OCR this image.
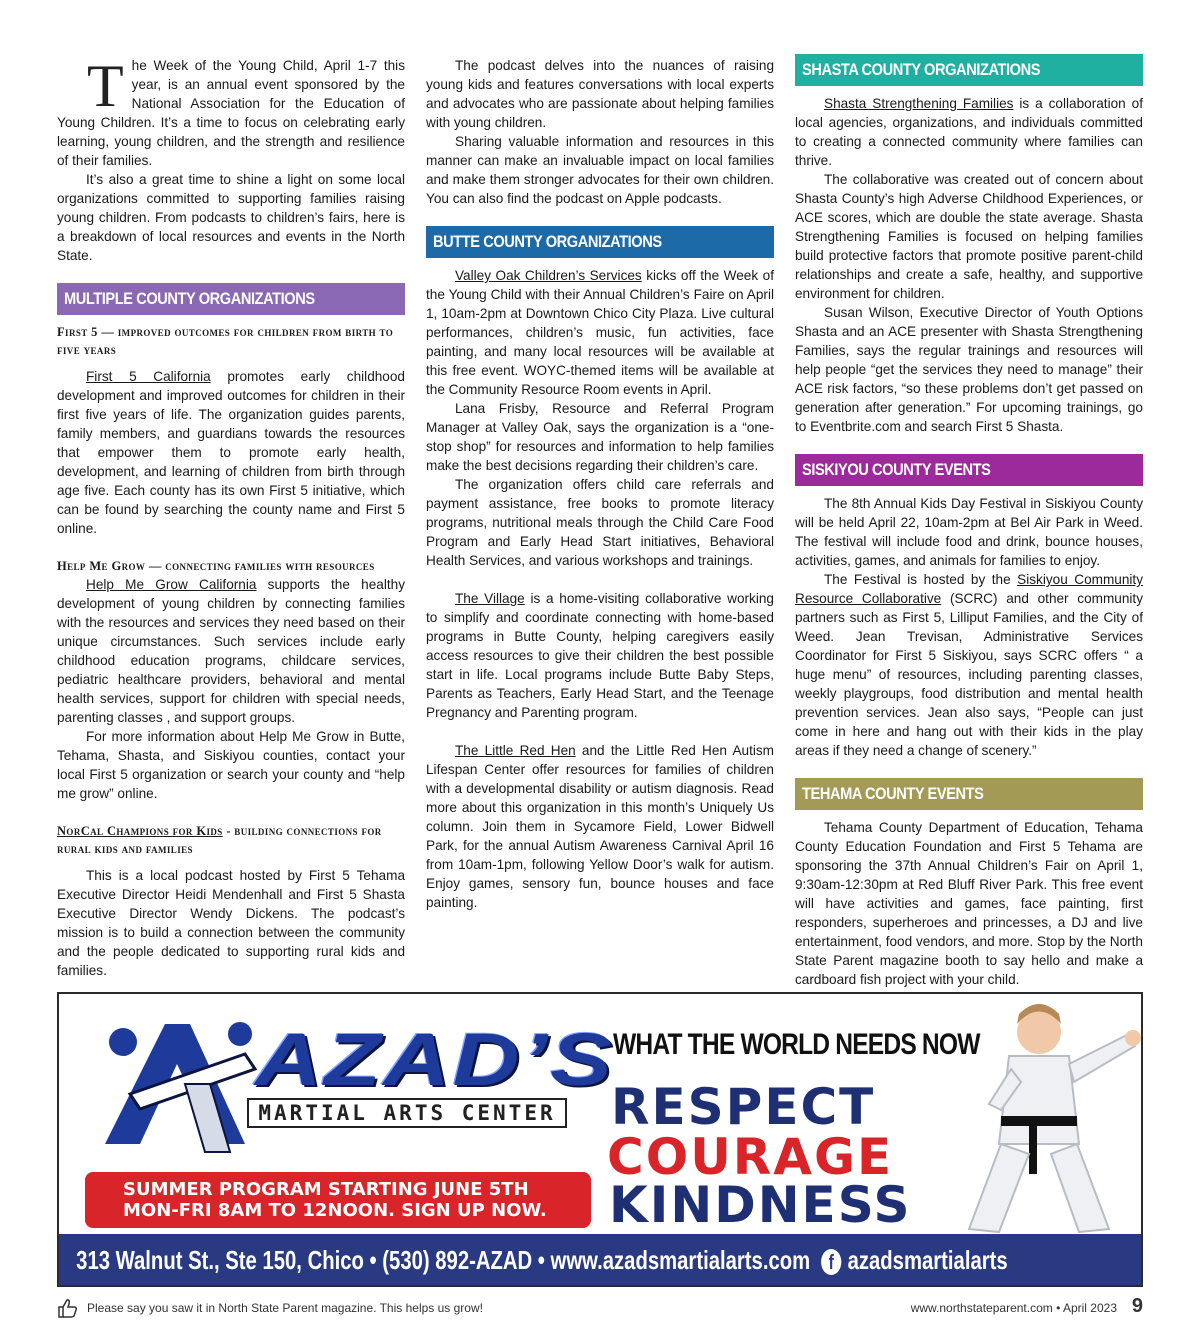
The Week of the Young Child, April 1-7 this year, is an annual event sponsored by the National Association for the Education of Young Children. It’s a time to focus on celebrating early learning, young children, and the strength and resilience of their families.

It’s also a great time to shine a light on some local organizations committed to supporting families raising young children. From podcasts to children’s fairs, here is a breakdown of local resources and events in the North State.

MULTIPLE COUNTY ORGANIZATIONS
First 5 — improved outcomes for children from birth to five years

First 5 California promotes early childhood development and improved outcomes for children in their first five years of life. The organization guides parents, family members, and guardians towards the resources that empower them to promote early health, development, and learning of children from birth through age five. Each county has its own First 5 initiative, which can be found by searching the county name and First 5 online.

Help Me Grow — connecting families with resources

Help Me Grow California supports the healthy development of young children by connecting families with the resources and services they need based on their unique circumstances. Such services include early childhood education programs, childcare services, pediatric healthcare providers, behavioral and mental health services, support for children with special needs, parenting classes , and support groups.

For more information about Help Me Grow in Butte, Tehama, Shasta, and Siskiyou counties, contact your local First 5 organization or search your county and “help me grow” online.

NorCal Champions for Kids - building connections for rural kids and families

This is a local podcast hosted by First 5 Tehama Executive Director Heidi Mendenhall and First 5 Shasta Executive Director Wendy Dickens. The podcast’s mission is to build a connection between the community and the people dedicated to supporting rural kids and families.

The podcast delves into the nuances of raising young kids and features conversations with local experts and advocates who are passionate about helping families with young children.

Sharing valuable information and resources in this manner can make an invaluable impact on local families and make them stronger advocates for their own children. You can also find the podcast on Apple podcasts.

BUTTE COUNTY ORGANIZATIONS

Valley Oak Children’s Services kicks off the Week of the Young Child with their Annual Children’s Faire on April 1, 10am-2pm at Downtown Chico City Plaza. Live cultural performances, children’s music, fun activities, face painting, and many local resources will be available at this free event. WOYC-themed items will be available at the Community Resource Room events in April.

Lana Frisby, Resource and Referral Program Manager at Valley Oak, says the organization is a “one-stop shop” for resources and information to help families make the best decisions regarding their children’s care.

The organization offers child care referrals and payment assistance, free books to promote literacy programs, nutritional meals through the Child Care Food Program and Early Head Start initiatives, Behavioral Health Services, and various workshops and trainings.

The Village is a home-visiting collaborative working to simplify and coordinate connecting with home-based programs in Butte County, helping caregivers easily access resources to give their children the best possible start in life. Local programs include Butte Baby Steps, Parents as Teachers, Early Head Start, and the Teenage Pregnancy and Parenting program.

The Little Red Hen and the Little Red Hen Autism Lifespan Center offer resources for families of children with a developmental disability or autism diagnosis. Read more about this organization in this month’s Uniquely Us column. Join them in Sycamore Field, Lower Bidwell Park, for the annual Autism Awareness Carnival April 16 from 10am-1pm, following Yellow Door’s walk for autism. Enjoy games, sensory fun, bounce houses and face painting.

SHASTA COUNTY ORGANIZATIONS

Shasta Strengthening Families is a collaboration of local agencies, organizations, and individuals committed to creating a connected community where families can thrive.

The collaborative was created out of concern about Shasta County’s high Adverse Childhood Experiences, or ACE scores, which are double the state average. Shasta Strengthening Families is focused on helping families build protective factors that promote positive parent-child relationships and create a safe, healthy, and supportive environment for children.

Susan Wilson, Executive Director of Youth Options Shasta and an ACE presenter with Shasta Strengthening Families, says the regular trainings and resources will help people “get the services they need to manage” their ACE risk factors, “so these problems don’t get passed on generation after generation.” For upcoming trainings, go to Eventbrite.com and search First 5 Shasta.

SISKIYOU COUNTY EVENTS

The 8th Annual Kids Day Festival in Siskiyou County will be held April 22, 10am-2pm at Bel Air Park in Weed. The festival will include food and drink, bounce houses, activities, games, and animals for families to enjoy.

The Festival is hosted by the Siskiyou Community Resource Collaborative (SCRC) and other community partners such as First 5, Lilliput Families, and the City of Weed. Jean Trevisan, Administrative Services Coordinator for First 5 Siskiyou, says SCRC offers “ a huge menu” of resources, including parenting classes, weekly playgroups, food distribution and mental health prevention services. Jean also says, “People can just come in here and hang out with their kids in the play areas if they need a change of scenery.”

TEHAMA COUNTY EVENTS

Tehama County Department of Education, Tehama County Education Foundation and First 5 Tehama are sponsoring the 37th Annual Children’s Fair on April 1, 9:30am-12:30pm at Red Bluff River Park. This free event will have activities and games, face painting, first responders, superheroes and princesses, a DJ and live entertainment, food vendors, and more. Stop by the North State Parent magazine booth to say hello and make a cardboard fish project with your child.

AZAD’S
MARTIAL ARTS CENTER
SUMMER PROGRAM STARTING JUNE 5TH
MON-FRI 8AM TO 12NOON. SIGN UP NOW.
WHAT THE WORLD NEEDS NOW
RESPECT
COURAGE
KINDNESS
313 Walnut St., Ste 150, Chico • (530) 892-AZAD • www.azadsmartialarts.com f azadsmartialarts
Please say you saw it in North State Parent magazine. This helps us grow!	www.northstateparent.com • April 2023 9
